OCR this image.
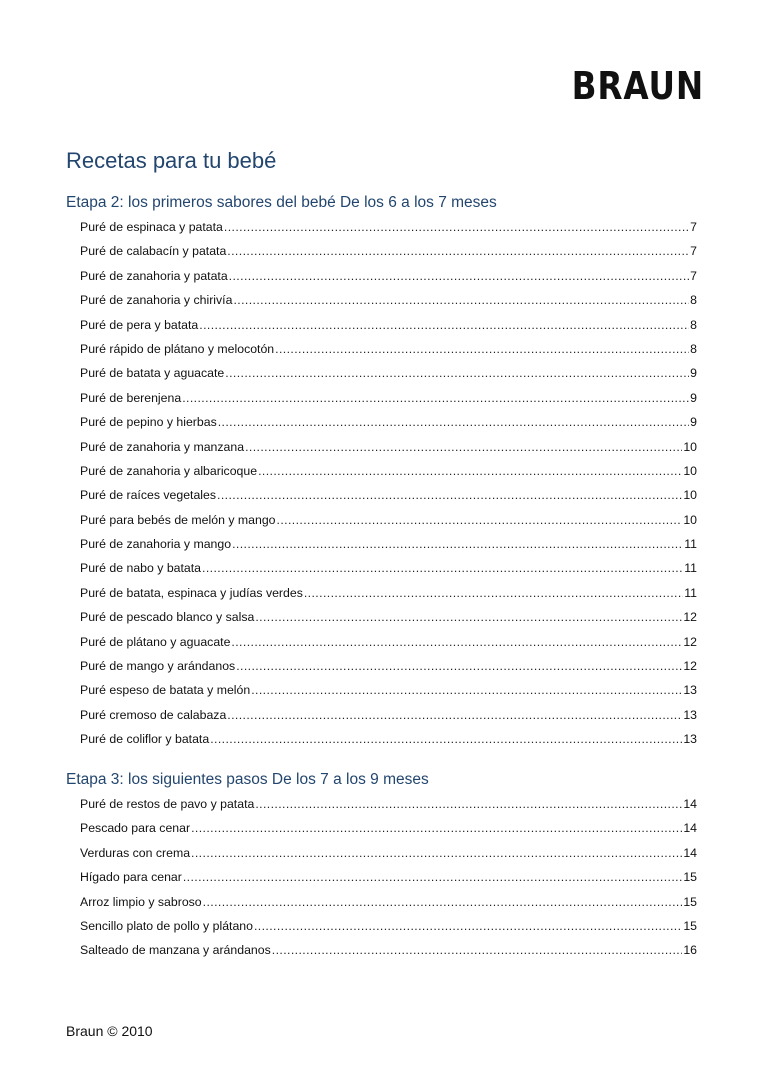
BRAUN
Recetas para tu bebé
Etapa 2: los primeros sabores del bebé De los 6 a los 7 meses
Puré de espinaca y patata .....	7
Puré de calabacín y patata .....	7
Puré de zanahoria y patata .....	7
Puré de zanahoria y chirivía .....	8
Puré de pera y batata .....	8
Puré rápido de plátano y melocotón .....	8
Puré de batata y aguacate .....	9
Puré de berenjena .....	9
Puré de pepino y hierbas .....	9
Puré de zanahoria y manzana .....	10
Puré de zanahoria y albaricoque .....	10
Puré de raíces vegetales .....	10
Puré para bebés de melón y mango .....	10
Puré de zanahoria y mango .....	11
Puré de nabo y batata .....	11
Puré de batata, espinaca y judías verdes .....	11
Puré de pescado blanco y salsa .....	12
Puré de plátano y aguacate .....	12
Puré de mango y arándanos .....	12
Puré espeso de batata y melón .....	13
Puré cremoso de calabaza .....	13
Puré de coliflor y batata .....	13
Etapa 3: los siguientes pasos De los 7 a los 9 meses
Puré de restos de pavo y patata .....	14
Pescado para cenar .....	14
Verduras con crema .....	14
Hígado para cenar .....	15
Arroz limpio y sabroso .....	15
Sencillo plato de pollo y plátano .....	15
Salteado de manzana y arándanos .....	16
Braun © 2010
